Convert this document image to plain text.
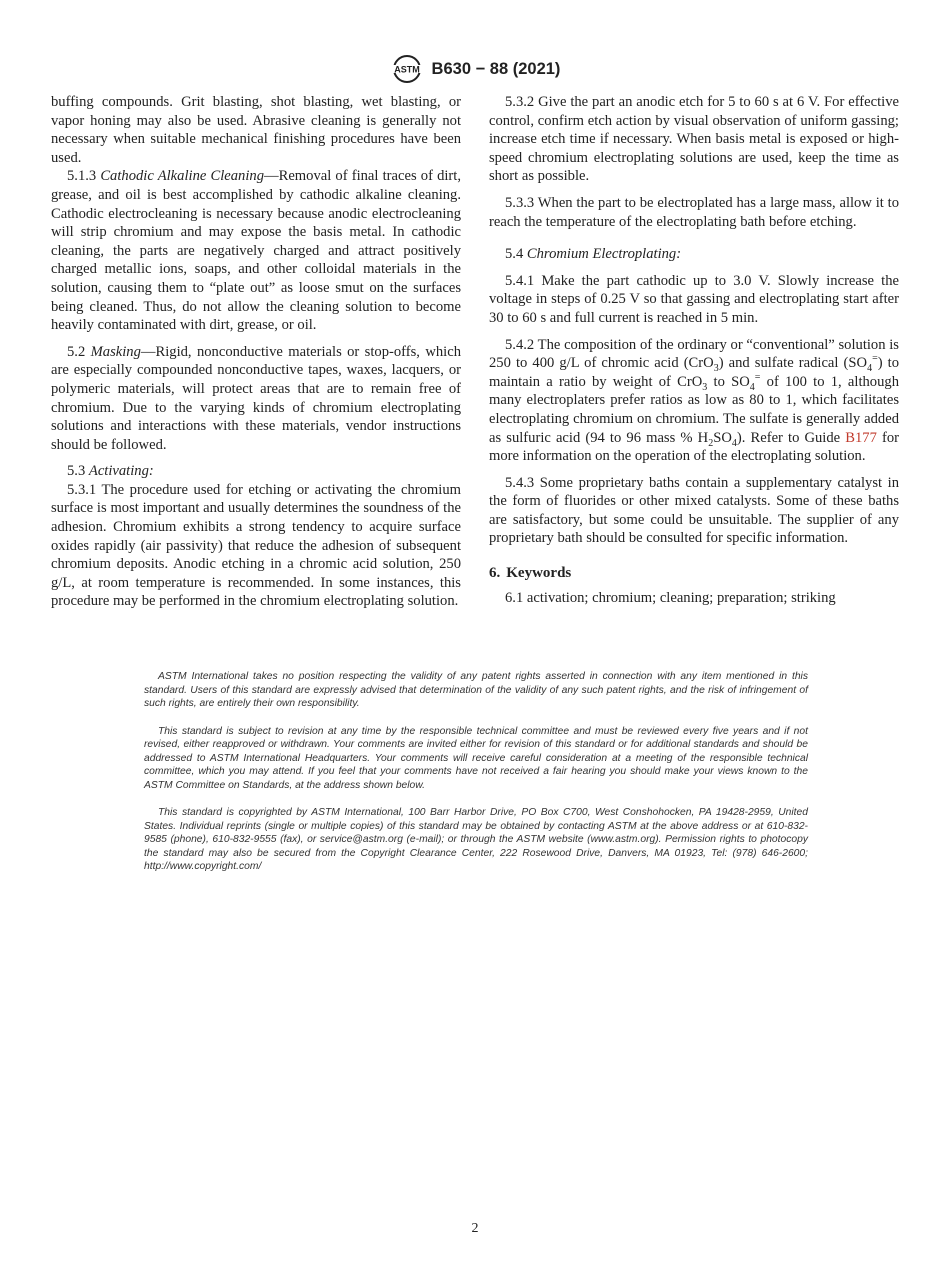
ASTM B630 − 88 (2021)

buffing compounds. Grit blasting, shot blasting, wet blasting, or vapor honing may also be used. Abrasive cleaning is generally not necessary when suitable mechanical finishing procedures have been used.

5.1.3 Cathodic Alkaline Cleaning—Removal of final traces of dirt, grease, and oil is best accomplished by cathodic alkaline cleaning. Cathodic electrocleaning is necessary because anodic electrocleaning will strip chromium and may expose the basis metal. In cathodic cleaning, the parts are negatively charged and attract positively charged metallic ions, soaps, and other colloidal materials in the solution, causing them to “plate out” as loose smut on the surfaces being cleaned. Thus, do not allow the cleaning solution to become heavily contaminated with dirt, grease, or oil.

5.2 Masking—Rigid, nonconductive materials or stop-offs, which are especially compounded nonconductive tapes, waxes, lacquers, or polymeric materials, will protect areas that are to remain free of chromium. Due to the varying kinds of chromium electroplating solutions and interactions with these materials, vendor instructions should be followed.

5.3 Activating:

5.3.1 The procedure used for etching or activating the chromium surface is most important and usually determines the soundness of the adhesion. Chromium exhibits a strong tendency to acquire surface oxides rapidly (air passivity) that reduce the adhesion of subsequent chromium deposits. Anodic etching in a chromic acid solution, 250 g/L, at room temperature is recommended. In some instances, this procedure may be performed in the chromium electroplating solution.

5.3.2 Give the part an anodic etch for 5 to 60 s at 6 V. For effective control, confirm etch action by visual observation of uniform gassing; increase etch time if necessary. When basis metal is exposed or high-speed chromium electroplating solutions are used, keep the time as short as possible.

5.3.3 When the part to be electroplated has a large mass, allow it to reach the temperature of the electroplating bath before etching.

5.4 Chromium Electroplating:

5.4.1 Make the part cathodic up to 3.0 V. Slowly increase the voltage in steps of 0.25 V so that gassing and electroplating start after 30 to 60 s and full current is reached in 5 min.

5.4.2 The composition of the ordinary or “conventional” solution is 250 to 400 g/L of chromic acid (CrO$_3$) and sulfate radical $(SO_4^=)$ to maintain a ratio by weight of CrO$_3$ to $SO_4^=$ of 100 to 1, although many electroplaters prefer ratios as low as 80 to 1, which facilitates electroplating chromium on chromium. The sulfate is generally added as sulfuric acid (94 to 96 mass % $H_2SO_4$). Refer to Guide B177 for more information on the operation of the electroplating solution.

5.4.3 Some proprietary baths contain a supplementary catalyst in the form of fluorides or other mixed catalysts. Some of these baths are satisfactory, but some could be unsuitable. The supplier of any proprietary bath should be consulted for specific information.

6. Keywords

6.1 activation; chromium; cleaning; preparation; striking

ASTM International takes no position respecting the validity of any patent rights asserted in connection with any item mentioned in this standard. Users of this standard are expressly advised that determination of the validity of any such patent rights, and the risk of infringement of such rights, are entirely their own responsibility.

This standard is subject to revision at any time by the responsible technical committee and must be reviewed every five years and if not revised, either reapproved or withdrawn. Your comments are invited either for revision of this standard or for additional standards and should be addressed to ASTM International Headquarters. Your comments will receive careful consideration at a meeting of the responsible technical committee, which you may attend. If you feel that your comments have not received a fair hearing you should make your views known to the ASTM Committee on Standards, at the address shown below.

This standard is copyrighted by ASTM International, 100 Barr Harbor Drive, PO Box C700, West Conshohocken, PA 19428-2959, United States. Individual reprints (single or multiple copies) of this standard may be obtained by contacting ASTM at the above address or at 610-832-9585 (phone), 610-832-9555 (fax), or service@astm.org (e-mail); or through the ASTM website (www.astm.org). Permission rights to photocopy the standard may also be secured from the Copyright Clearance Center, 222 Rosewood Drive, Danvers, MA 01923, Tel: (978) 646-2600; http://www.copyright.com/

2
